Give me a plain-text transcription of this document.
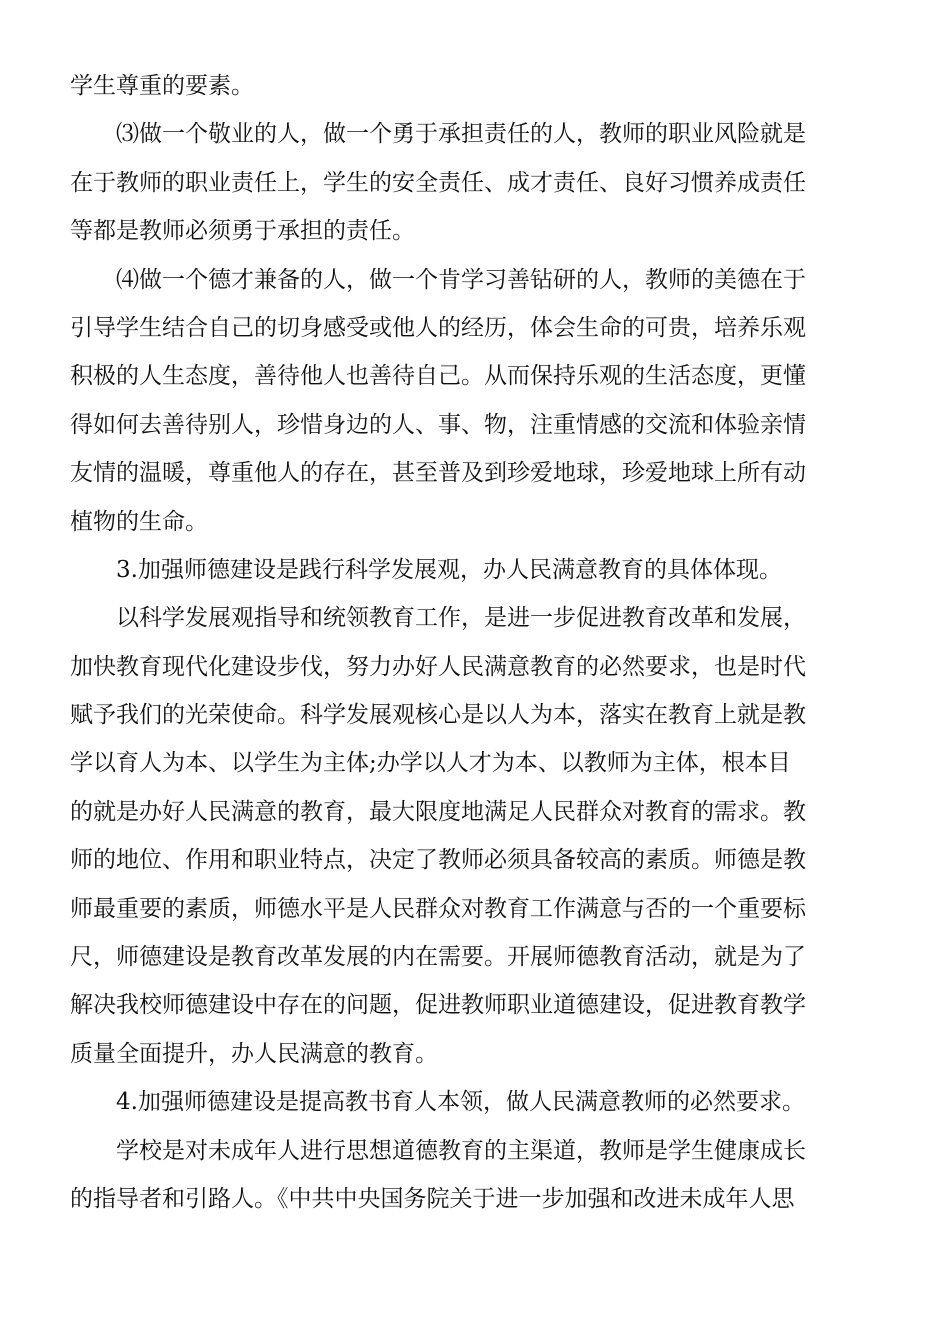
学生尊重的要素。
⑶做一个敬业的人，做一个勇于承担责任的人，教师的职业风险就是
在于教师的职业责任上，学生的安全责任、成才责任、良好习惯养成责任
等都是教师必须勇于承担的责任。
⑷做一个德才兼备的人，做一个肯学习善钻研的人，教师的美德在于
引导学生结合自己的切身感受或他人的经历，体会生命的可贵，培养乐观
积极的人生态度，善待他人也善待自己。从而保持乐观的生活态度，更懂
得如何去善待别人，珍惜身边的人、事、物，注重情感的交流和体验亲情
友情的温暖，尊重他人的存在，甚至普及到珍爱地球，珍爱地球上所有动
植物的生命。
3.加强师德建设是践行科学发展观，办人民满意教育的具体体现。
以科学发展观指导和统领教育工作，是进一步促进教育改革和发展，
加快教育现代化建设步伐，努力办好人民满意教育的必然要求，也是时代
赋予我们的光荣使命。科学发展观核心是以人为本，落实在教育上就是教
学以育人为本、以学生为主体;办学以人才为本、以教师为主体，根本目
的就是办好人民满意的教育，最大限度地满足人民群众对教育的需求。教
师的地位、作用和职业特点，决定了教师必须具备较高的素质。师德是教
师最重要的素质，师德水平是人民群众对教育工作满意与否的一个重要标
尺，师德建设是教育改革发展的内在需要。开展师德教育活动，就是为了
解决我校师德建设中存在的问题，促进教师职业道德建设，促进教育教学
质量全面提升，办人民满意的教育。
4.加强师德建设是提高教书育人本领，做人民满意教师的必然要求。
学校是对未成年人进行思想道德教育的主渠道，教师是学生健康成长
的指导者和引路人。《中共中央国务院关于进一步加强和改进未成年人思
